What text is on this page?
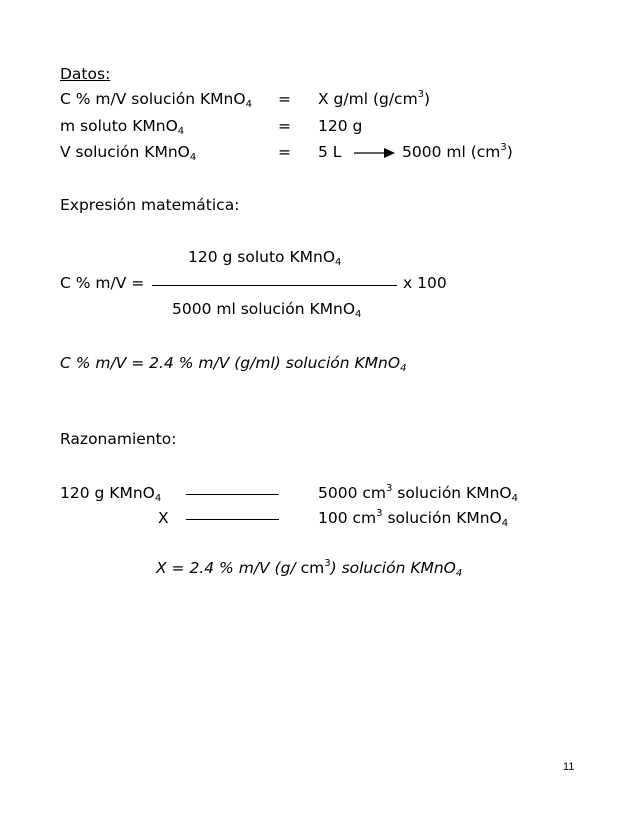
Datos:
C % m/V solución KMnO$_4$ = X g/ml $(g/cm^3)$
m soluto KMnO$_4$	= 120 g
V solución KMnO$_4$	= 5 L	5000 ml $(cm^3)$
Expresión matemática:
120 g soluto KMnO$_4$
C % m/V =	x 100
5000 ml solución KMnO$_4$
C % m/V = 2.4 % m/V (g/ml) solución KMnO$_4$
Razonamiento:
120 g KMnO$_4$	5000 $cm^3$ solución KMnO$_4$
X	100 $cm^3$ solución KMnO$_4$
X = 2.4 % m/V (g/ $cm^3$) solución KMnO$_4$
11
